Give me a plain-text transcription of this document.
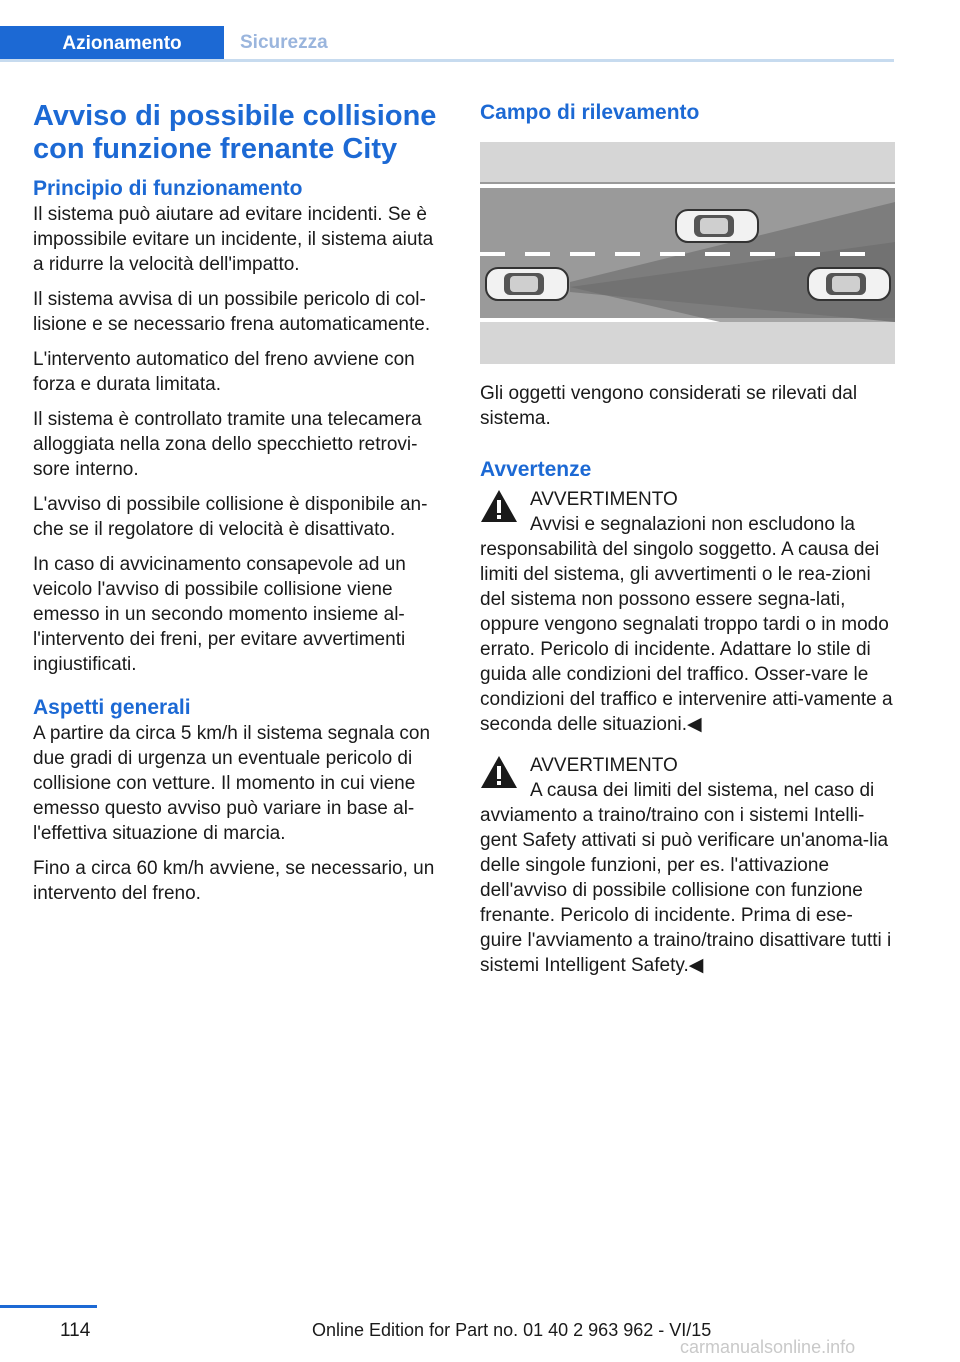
Azionamento	Sicurezza
Avviso di possibile collisione con funzione frenante City
Principio di funzionamento

Il sistema può aiutare ad evitare incidenti. Se è impossibile evitare un incidente, il sistema aiuta a ridurre la velocità dell'impatto.

Il sistema avvisa di un possibile pericolo di col-lisione e se necessario frena automaticamente.

L'intervento automatico del freno avviene con forza e durata limitata.

Il sistema è controllato tramite una telecamera alloggiata nella zona dello specchietto retrovi-sore interno.

L'avviso di possibile collisione è disponibile an-che se il regolatore di velocità è disattivato.

In caso di avvicinamento consapevole ad un veicolo l'avviso di possibile collisione viene emesso in un secondo momento insieme al-l'intervento dei freni, per evitare avvertimenti ingiustificati.

Aspetti generali

A partire da circa 5 km/h il sistema segnala con due gradi di urgenza un eventuale pericolo di collisione con vetture. Il momento in cui viene emesso questo avviso può variare in base al-l'effettiva situazione di marcia.

Fino a circa 60 km/h avviene, se necessario, un intervento del freno.

Campo di rilevamento

Gli oggetti vengono considerati se rilevati dal sistema.

Avvertenze
AVVERTIMENTO

Avvisi e segnalazioni non escludono la responsabilità del singolo soggetto. A causa dei limiti del sistema, gli avvertimenti o le rea-zioni del sistema non possono essere segna-lati, oppure vengono segnalati troppo tardi o in modo errato. Pericolo di incidente. Adattare lo stile di guida alle condizioni del traffico. Osser-vare le condizioni del traffico e intervenire atti-vamente a seconda delle situazioni.◀

AVVERTIMENTO

A causa dei limiti del sistema, nel caso di avviamento a traino/traino con i sistemi Intelli-gent Safety attivati si può verificare un'anoma-lia delle singole funzioni, per es. l'attivazione dell'avviso di possibile collisione con funzione frenante. Pericolo di incidente. Prima di ese-guire l'avviamento a traino/traino disattivare tutti i sistemi Intelligent Safety.◀

114	Online Edition for Part no. 01 40 2 963 962 - VI/15
carmanualsonline.info
